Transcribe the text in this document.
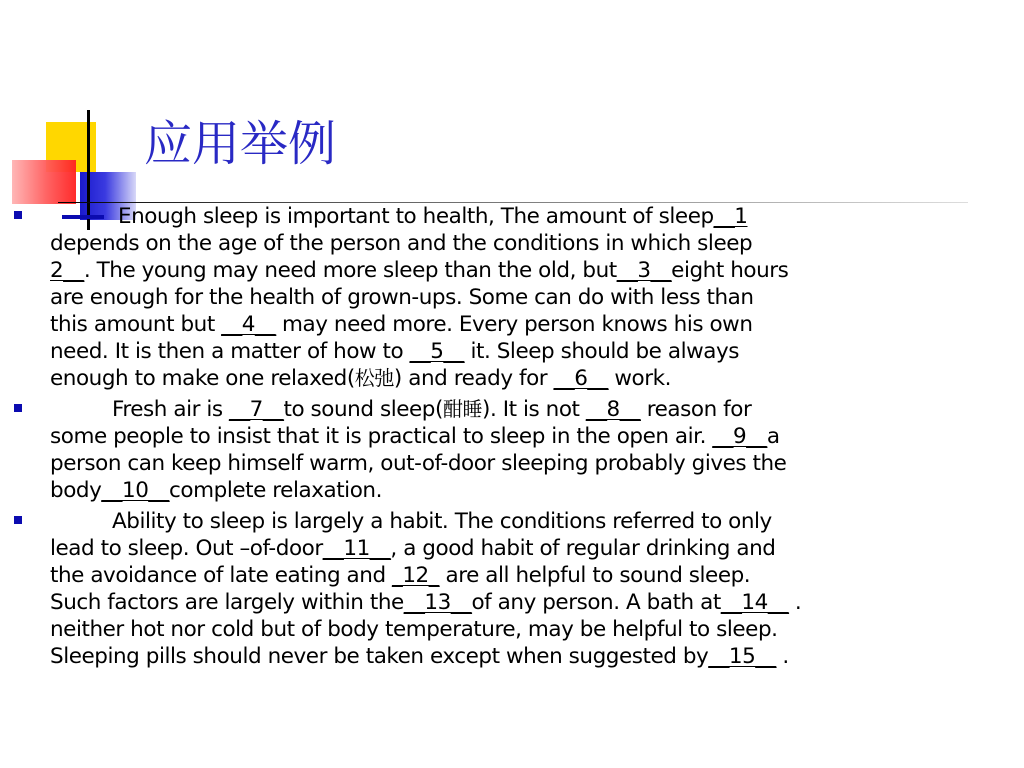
应用举例
Enough sleep is important to health, The amount of sleep__1
depends on the age of the person and the conditions in which sleep
2__. The young may need more sleep than the old, but__3__eight hours
are enough for the health of grown-ups. Some can do with less than
this amount but __4__ may need more. Every person knows his own
need. It is then a matter of how to __5__ it. Sleep should be always
enough to make one relaxed(松弛) and ready for __6__ work.
Fresh air is __7__to sound sleep(酣睡). It is not __8__ reason for
some people to insist that it is practical to sleep in the open air. __9__a
person can keep himself warm, out-of-door sleeping probably gives the
body__10__complete relaxation.
Ability to sleep is largely a habit. The conditions referred to only
lead to sleep. Out –of-door__11__, a good habit of regular drinking and
the avoidance of late eating and _12_ are all helpful to sound sleep.
Such factors are largely within the__13__of any person. A bath at__14__ .
neither hot nor cold but of body temperature, may be helpful to sleep.
Sleeping pills should never be taken except when suggested by__15__ .
